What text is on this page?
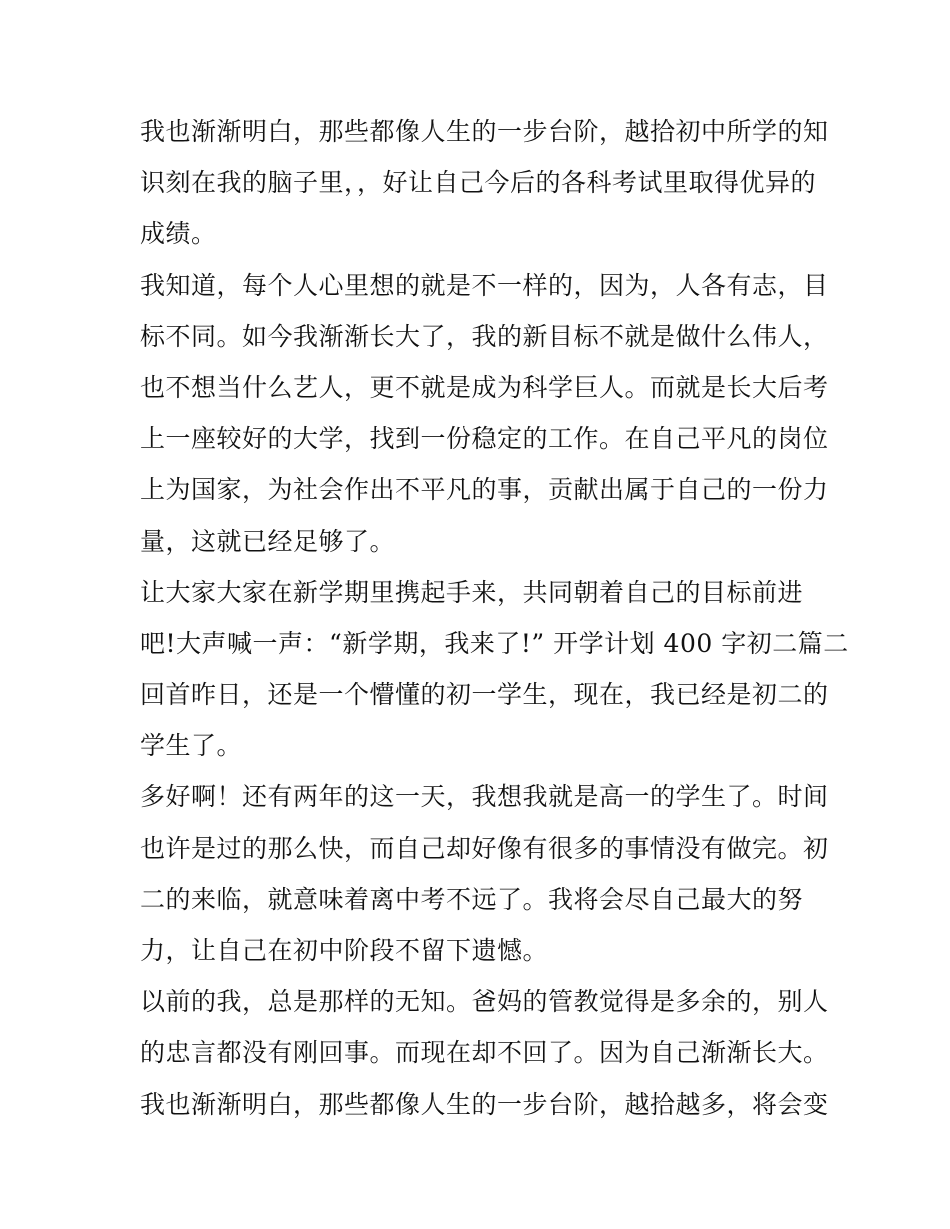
我也渐渐明白，那些都像人生的一步台阶，越拾初中所学的知
识刻在我的脑子里，，好让自己今后的各科考试里取得优异的
成绩。

我知道，每个人心里想的就是不一样的，因为，人各有志，目
标不同。如今我渐渐长大了，我的新目标不就是做什么伟人，
也不想当什么艺人，更不就是成为科学巨人。而就是长大后考
上一座较好的大学，找到一份稳定的工作。在自己平凡的岗位
上为国家，为社会作出不平凡的事，贡献出属于自己的一份力
量，这就已经足够了。

让大家大家在新学期里携起手来，共同朝着自己的目标前进
吧!大声喊一声：“新学期，我来了!” 开学计划 400 字初二篇二
回首昨日，还是一个懵懂的初一学生，现在，我已经是初二的
学生了。

多好啊！还有两年的这一天，我想我就是高一的学生了。时间
也许是过的那么快，而自己却好像有很多的事情没有做完。初
二的来临，就意味着离中考不远了。我将会尽自己最大的努
力，让自己在初中阶段不留下遗憾。

以前的我，总是那样的无知。爸妈的管教觉得是多余的，别人
的忠言都没有刚回事。而现在却不回了。因为自己渐渐长大。
我也渐渐明白，那些都像人生的一步台阶，越拾越多，将会变
